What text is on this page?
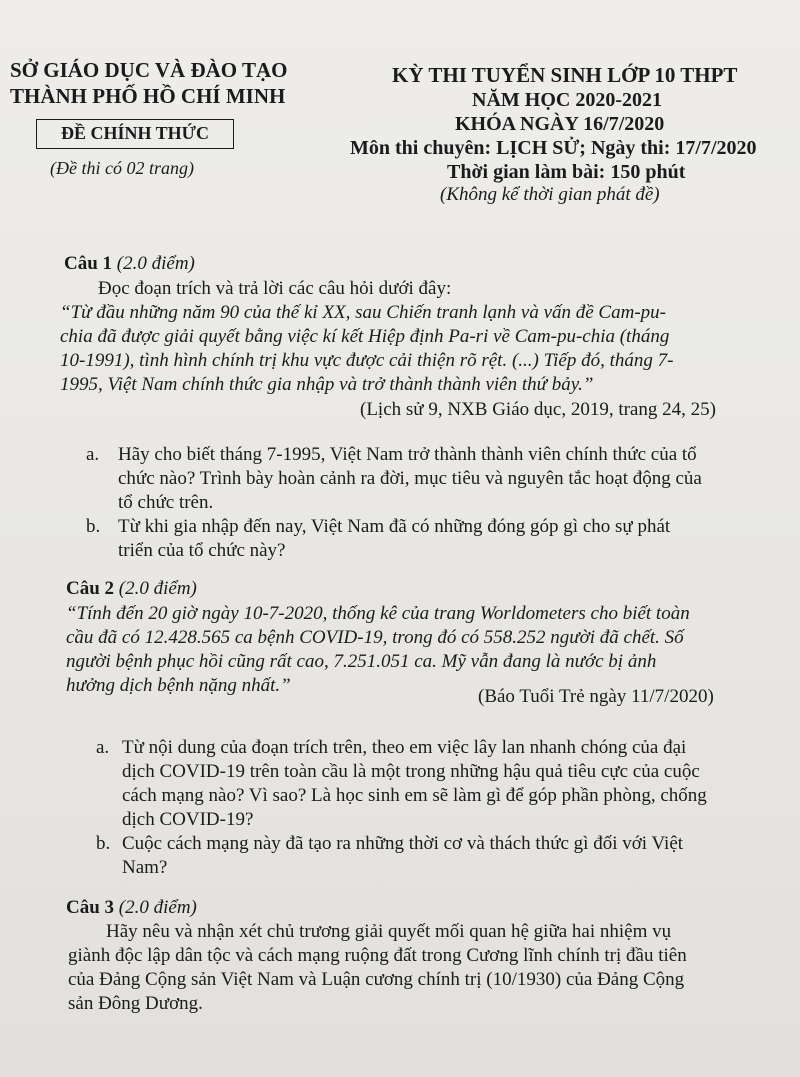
SỞ GIÁO DỤC VÀ ĐÀO TẠO
THÀNH PHỐ HỒ CHÍ MINH
ĐỀ CHÍNH THỨC
(Đề thi có 02 trang)
KỲ THI TUYỂN SINH LỚP 10 THPT
NĂM HỌC 2020-2021
KHÓA NGÀY 16/7/2020
Môn thi chuyên: LỊCH SỬ; Ngày thi: 17/7/2020
Thời gian làm bài: 150 phút
(Không kể thời gian phát đề)
Câu 1 (2.0 điểm)
Đọc đoạn trích và trả lời các câu hỏi dưới đây:
“Từ đầu những năm 90 của thế kỉ XX, sau Chiến tranh lạnh và vấn đề Cam-pu-
chia đã được giải quyết bằng việc kí kết Hiệp định Pa-ri về Cam-pu-chia (tháng
10-1991), tình hình chính trị khu vực được cải thiện rõ rệt. (...) Tiếp đó, tháng 7-
1995, Việt Nam chính thức gia nhập và trở thành thành viên thứ bảy.”
(Lịch sử 9, NXB Giáo dục, 2019, trang 24, 25)
a. Hãy cho biết tháng 7-1995, Việt Nam trở thành thành viên chính thức của tổ
chức nào? Trình bày hoàn cảnh ra đời, mục tiêu và nguyên tắc hoạt động của
tổ chức trên.
b. Từ khi gia nhập đến nay, Việt Nam đã có những đóng góp gì cho sự phát
triển của tổ chức này?
Câu 2 (2.0 điểm)
“Tính đến 20 giờ ngày 10-7-2020, thống kê của trang Worldometers cho biết toàn
cầu đã có 12.428.565 ca bệnh COVID-19, trong đó có 558.252 người đã chết. Số
người bệnh phục hồi cũng rất cao, 7.251.051 ca. Mỹ vẫn đang là nước bị ảnh
hưởng dịch bệnh nặng nhất.”
(Báo Tuổi Trẻ ngày 11/7/2020)
a. Từ nội dung của đoạn trích trên, theo em việc lây lan nhanh chóng của đại
dịch COVID-19 trên toàn cầu là một trong những hậu quả tiêu cực của cuộc
cách mạng nào? Vì sao? Là học sinh em sẽ làm gì để góp phần phòng, chống
dịch COVID-19?
b. Cuộc cách mạng này đã tạo ra những thời cơ và thách thức gì đối với Việt
Nam?
Câu 3 (2.0 điểm)
Hãy nêu và nhận xét chủ trương giải quyết mối quan hệ giữa hai nhiệm vụ
giành độc lập dân tộc và cách mạng ruộng đất trong Cương lĩnh chính trị đầu tiên
của Đảng Cộng sản Việt Nam và Luận cương chính trị (10/1930) của Đảng Cộng
sản Đông Dương.
